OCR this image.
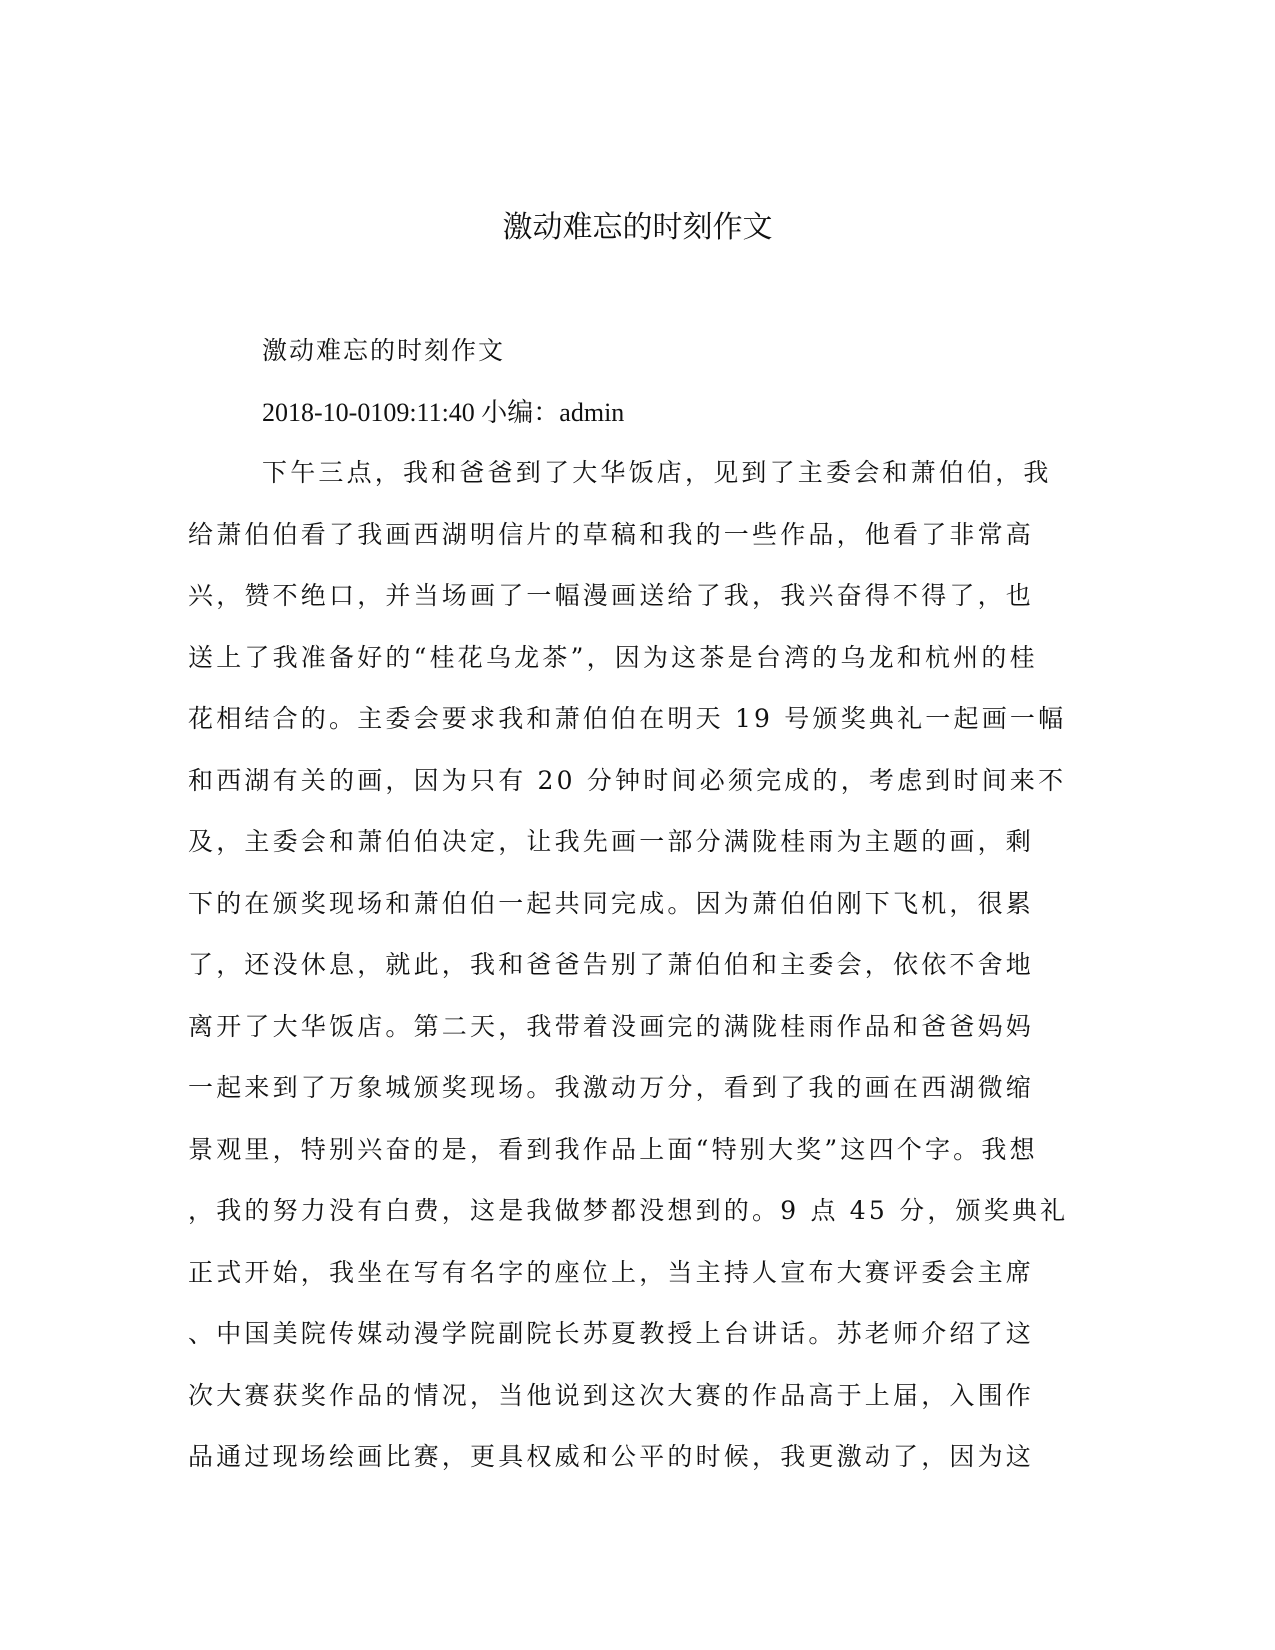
激动难忘的时刻作文

激动难忘的时刻作文

2018-10-0109:11:40 小编：admin

下午三点，我和爸爸到了大华饭店，见到了主委会和萧伯伯，我
给萧伯伯看了我画西湖明信片的草稿和我的一些作品，他看了非常高
兴，赞不绝口，并当场画了一幅漫画送给了我，我兴奋得不得了，也
送上了我准备好的“桂花乌龙茶”，因为这茶是台湾的乌龙和杭州的桂
花相结合的。主委会要求我和萧伯伯在明天 19 号颁奖典礼一起画一幅
和西湖有关的画，因为只有 20 分钟时间必须完成的，考虑到时间来不
及，主委会和萧伯伯决定，让我先画一部分满陇桂雨为主题的画，剩
下的在颁奖现场和萧伯伯一起共同完成。因为萧伯伯刚下飞机，很累
了，还没休息，就此，我和爸爸告别了萧伯伯和主委会，依依不舍地
离开了大华饭店。第二天，我带着没画完的满陇桂雨作品和爸爸妈妈
一起来到了万象城颁奖现场。我激动万分，看到了我的画在西湖微缩
景观里，特别兴奋的是，看到我作品上面“特别大奖”这四个字。我想
，我的努力没有白费，这是我做梦都没想到的。9 点 45 分，颁奖典礼
正式开始，我坐在写有名字的座位上，当主持人宣布大赛评委会主席
、中国美院传媒动漫学院副院长苏夏教授上台讲话。苏老师介绍了这
次大赛获奖作品的情况，当他说到这次大赛的作品高于上届，入围作
品通过现场绘画比赛，更具权威和公平的时候，我更激动了，因为这
